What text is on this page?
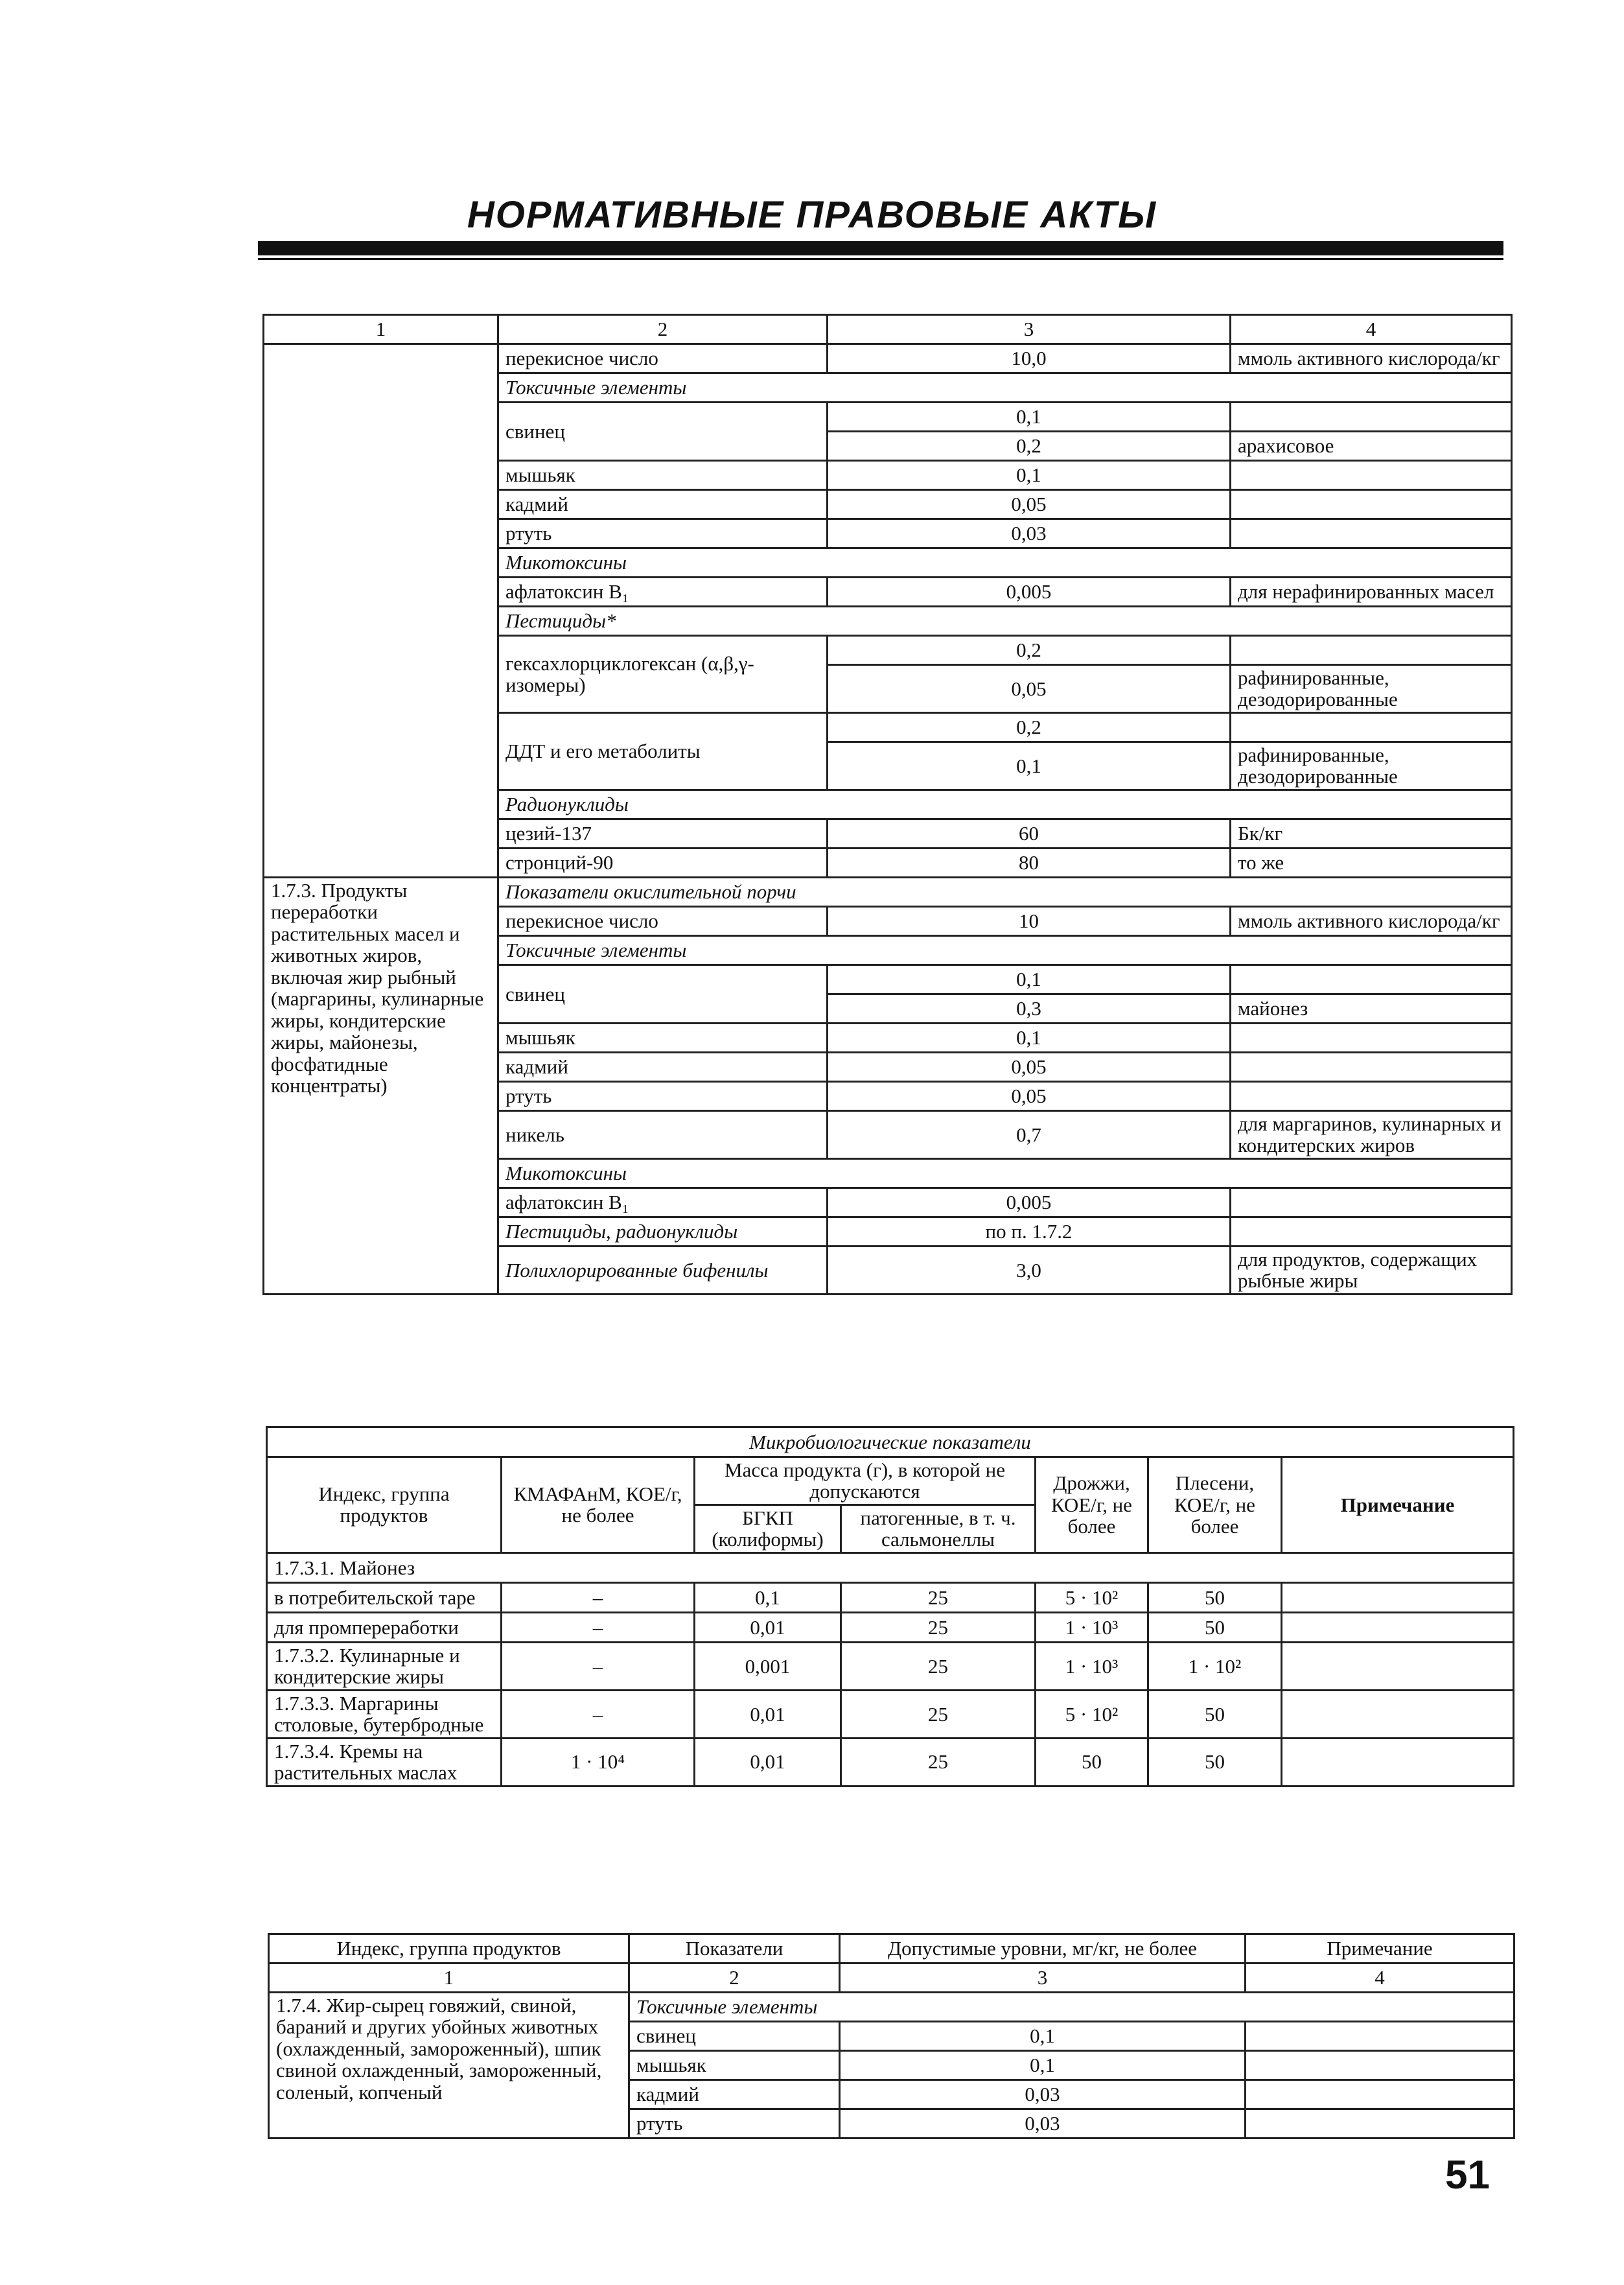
НОРМАТИВНЫЕ ПРАВОВЫЕ АКТЫ
1	2	3	4
	перекисное число	10,0	ммоль активного кислорода/кг
	Токсичные элементы		
	свинец	0,1	
		0,2	арахисовое
	мышьяк	0,1	
	кадмий	0,05	
	ртуть	0,03	
	Микотоксины		
	афлатоксин B₁	0,005	для нерафинированных масел
	Пестициды*		
	гексахлорциклогексан (α,β,γ-изомеры)	0,2	
		0,05	рафинированные, дезодорированные
	ДДТ и его метаболиты	0,2	
		0,1	рафинированные, дезодорированные
	Радионуклиды		
	цезий-137	60	Бк/кг
	стронций-90	80	то же
1.7.3. Продукты переработки растительных масел и животных жиров, включая жир рыбный (маргарины, кулинарные жиры, кондитерские жиры, майонезы, фосфатидные концентраты)	Показатели окислительной порчи		
	перекисное число	10	ммоль активного кислорода/кг
	Токсичные элементы		
	свинец	0,1	
		0,3	майонез
	мышьяк	0,1	
	кадмий	0,05	
	ртуть	0,05	
	никель	0,7	для маргаринов, кулинарных и кондитерских жиров
	Микотоксины		
	афлатоксин B₁	0,005	
	Пестициды, радионуклиды	по п. 1.7.2	
	Полихлорированные бифенилы	3,0	для продуктов, содержащих рыбные жиры
Микробиологические показатели						
Индекс, группа продуктов	КМАФАнМ, КОЕ/г, не более	Масса продукта (г), в которой не допускаются		Дрожжи, КОЕ/г, не более	Плесени, КОЕ/г, не более	Примечание
		БГКП (колиформы)	патогенные, в т. ч. сальмонеллы			
1.7.3.1. Майонез						
в потребительской таре	–	0,1	25	5 · 10²	50	
для промпереработки	–	0,01	25	1 · 10³	50	
1.7.3.2. Кулинарные и кондитерские жиры	–	0,001	25	1 · 10³	1 · 10²	
1.7.3.3. Маргарины столовые, бутербродные	–	0,01	25	5 · 10²	50	
1.7.3.4. Кремы на растительных маслах	1 · 10⁴	0,01	25	50	50	
Индекс, группа продуктов	Показатели	Допустимые уровни, мг/кг, не более	Примечание
1	2	3	4
1.7.4. Жир-сырец говяжий, свиной, бараний и других убойных животных (охлажденный, замороженный), шпик свиной охлажденный, замороженный, соленый, копченый	Токсичные элементы		
	свинец	0,1	
	мышьяк	0,1	
	кадмий	0,03	
	ртуть	0,03	
51
